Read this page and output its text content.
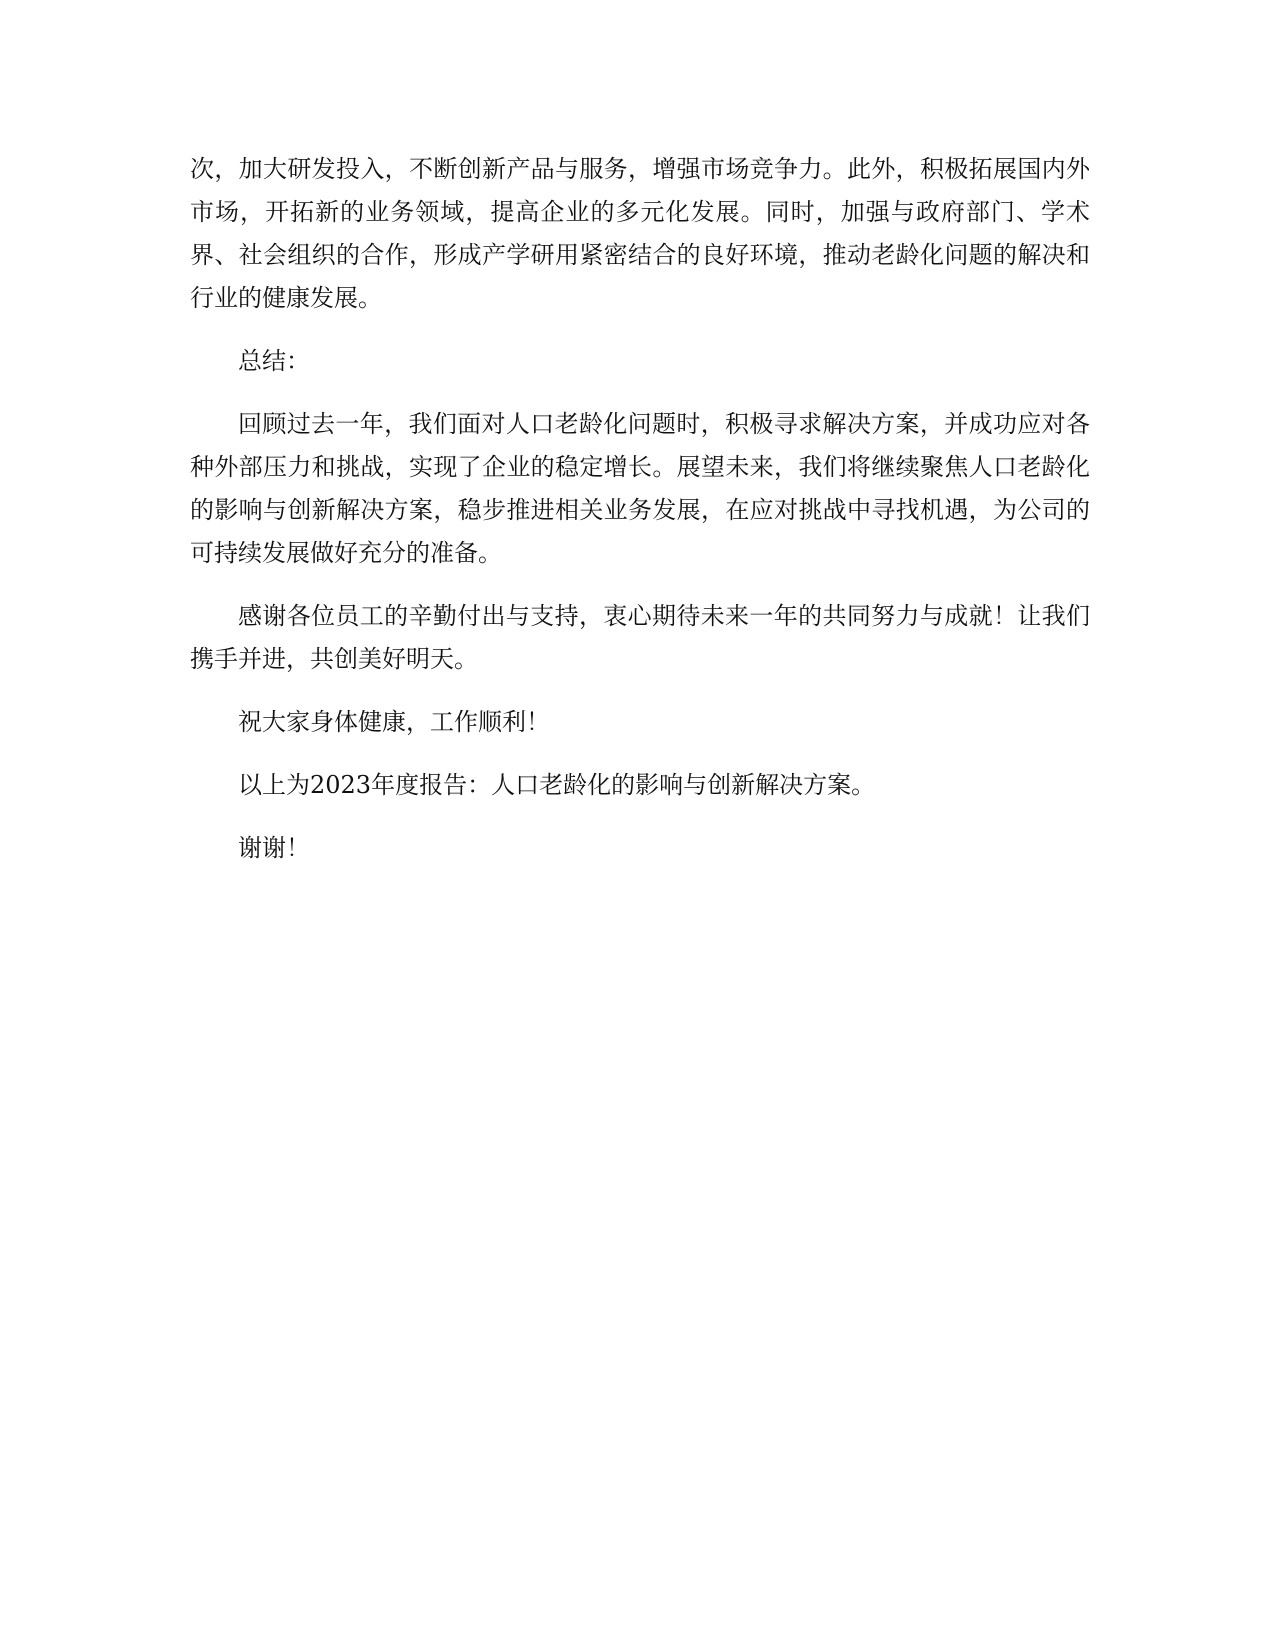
次，加大研发投入，不断创新产品与服务，增强市场竞争力。此外，积极拓展国内外市场，开拓新的业务领域，提高企业的多元化发展。同时，加强与政府部门、学术界、社会组织的合作，形成产学研用紧密结合的良好环境，推动老龄化问题的解决和行业的健康发展。

总结：

回顾过去一年，我们面对人口老龄化问题时，积极寻求解决方案，并成功应对各种外部压力和挑战，实现了企业的稳定增长。展望未来，我们将继续聚焦人口老龄化的影响与创新解决方案，稳步推进相关业务发展，在应对挑战中寻找机遇，为公司的可持续发展做好充分的准备。

感谢各位员工的辛勤付出与支持，衷心期待未来一年的共同努力与成就！让我们携手并进，共创美好明天。

祝大家身体健康，工作顺利！

以上为2023年度报告：人口老龄化的影响与创新解决方案。

谢谢！
